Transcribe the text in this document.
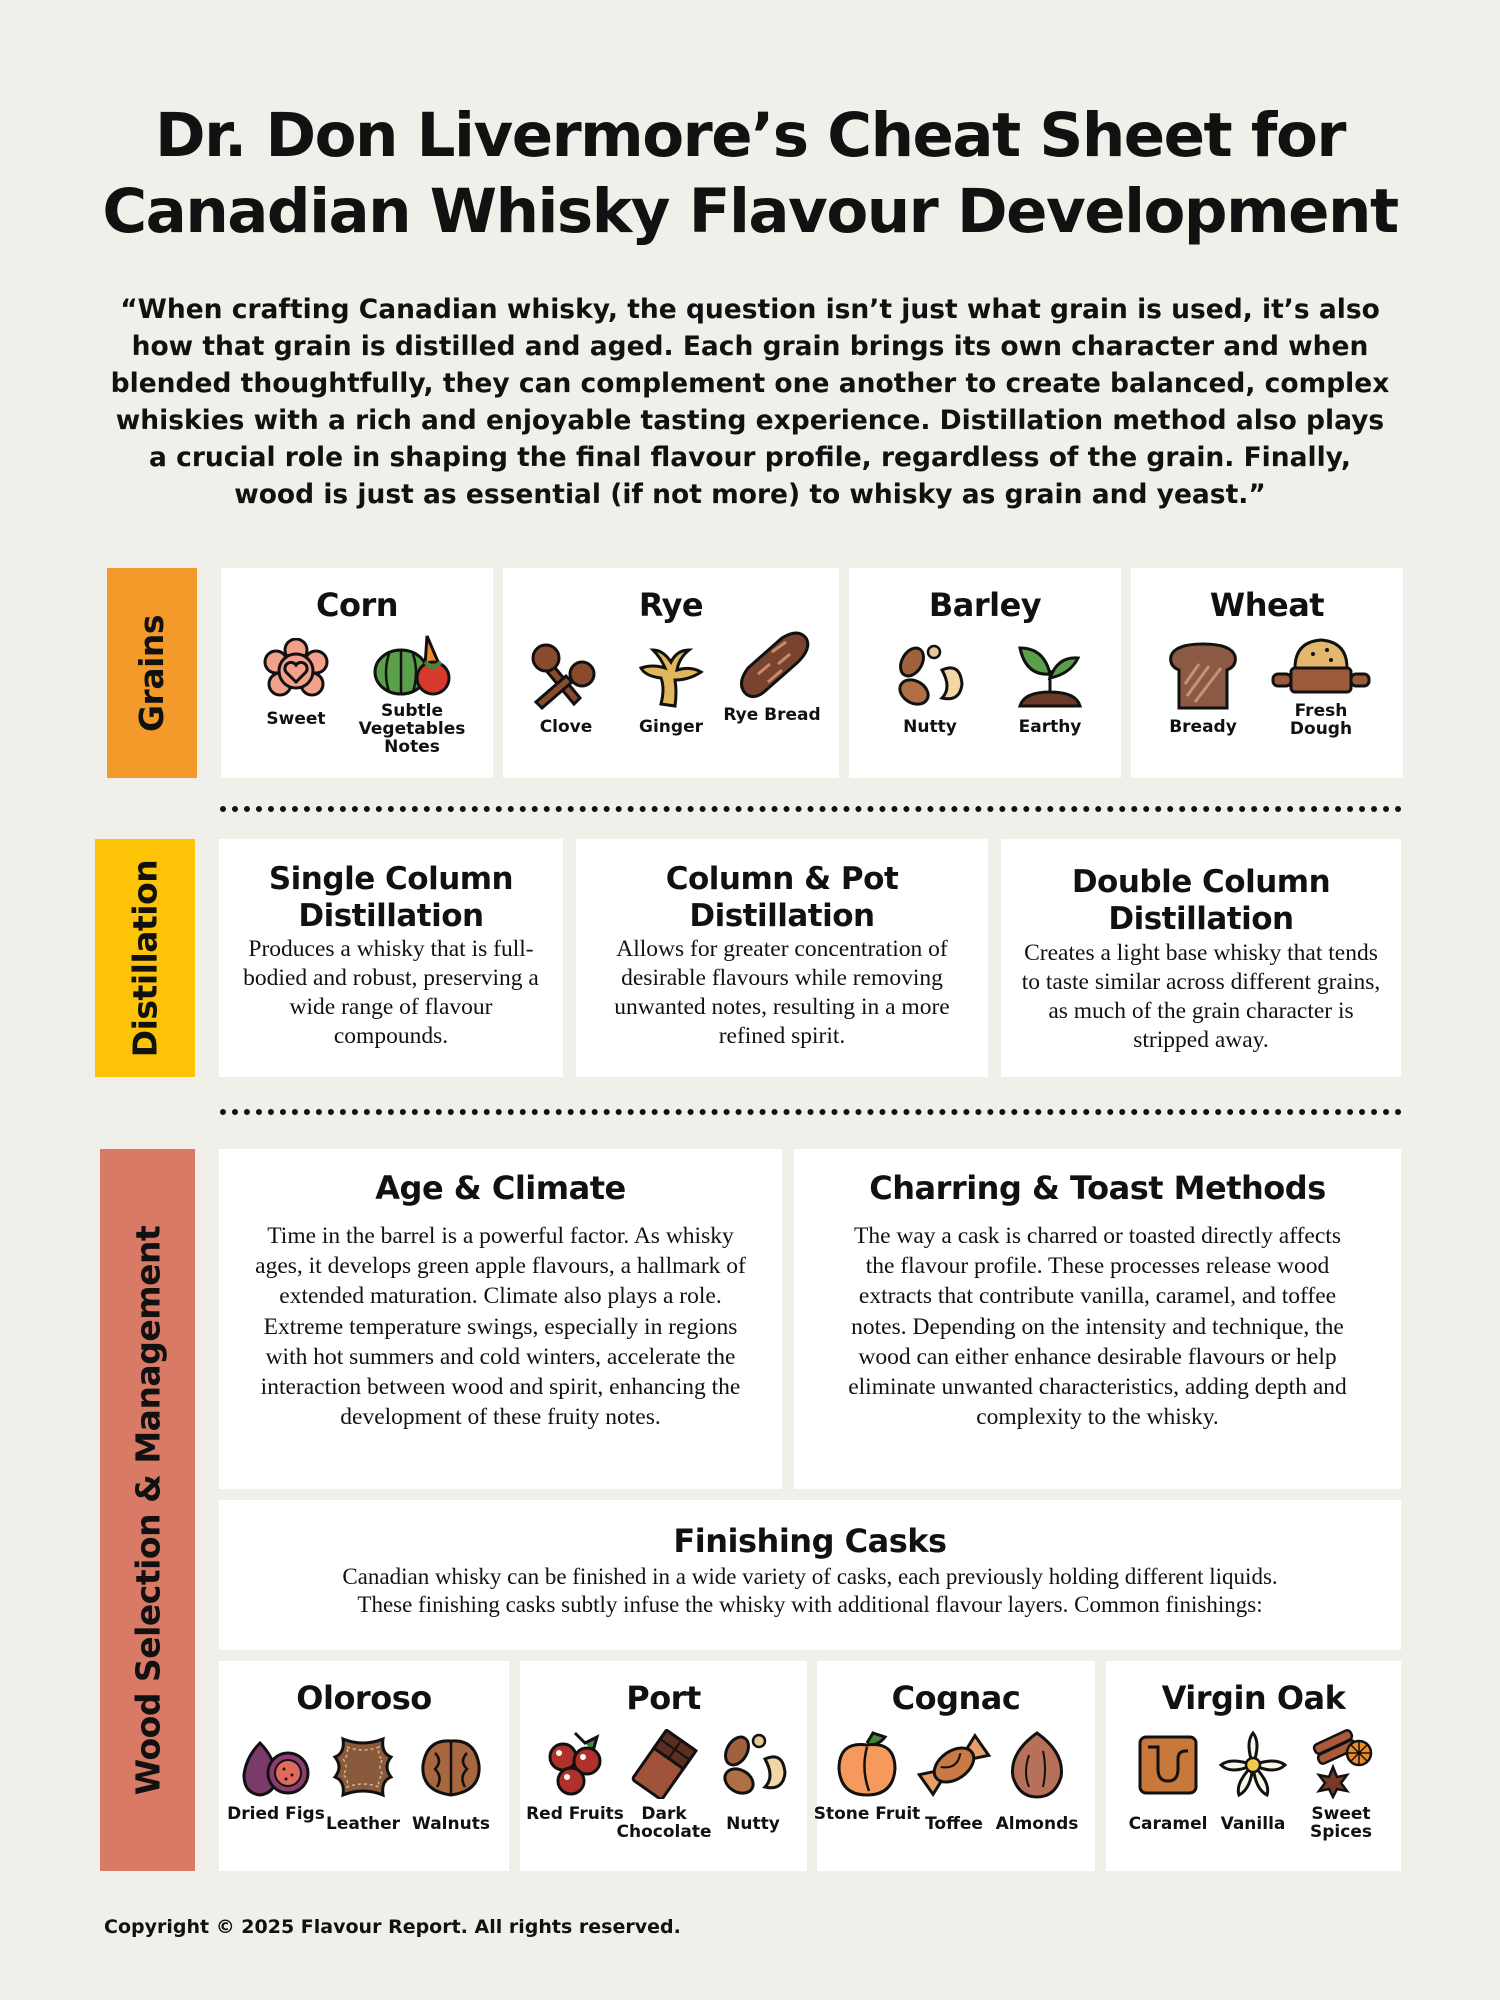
Dr. Don Livermore’s Cheat Sheet for
Canadian Whisky Flavour Development
“When crafting Canadian whisky, the question isn’t just what grain is used, it’s also how that grain is distilled and aged. Each grain brings its own character and when blended thoughtfully, they can complement one another to create balanced, complex whiskies with a rich and enjoyable tasting experience. Distillation method also plays a crucial role in shaping the final flavour profile, regardless of the grain. Finally, wood is just as essential (if not more) to whisky as grain and yeast.”
Grains
Corn
Sweet	Subtle Vegetables Notes
Rye
Clove	Ginger
Rye Bread
Barley
Nutty	Earthy
Wheat
Bready
Fresh Dough
Distillation	Single Column Distillation
Produces a whisky that is full-bodied and robust, preserving a wide range of flavour compounds.
Column & Pot Distillation
Allows for greater concentration of desirable flavours while removing unwanted notes, resulting in a more refined spirit.
Double Column Distillation
Creates a light base whisky that tends to taste similar across different grains, as much of the grain character is stripped away.
Wood Selection & Management
Age & Climate
Time in the barrel is a powerful factor. As whisky ages, it develops green apple flavours, a hallmark of extended maturation. Climate also plays a role. Extreme temperature swings, especially in regions with hot summers and cold winters, accelerate the interaction between wood and spirit, enhancing the development of these fruity notes.
Charring & Toast Methods
The way a cask is charred or toasted directly affects the flavour profile. These processes release wood extracts that contribute vanilla, caramel, and toffee notes. Depending on the intensity and technique, the wood can either enhance desirable flavours or help eliminate unwanted characteristics, adding depth and complexity to the whisky.
Finishing Casks
Canadian whisky can be finished in a wide variety of casks, each previously holding different liquids.
These finishing casks subtly infuse the whisky with additional flavour layers. Common finishings:
Oloroso
Dried Figs Leather Walnuts
Port
Red Fruits	Dark Chocolate Nutty
Cognac
Stone Fruit Toffee Almonds
Virgin Oak
Caramel Vanilla	Sweet Spices
Copyright © 2025 Flavour Report. All rights reserved.
